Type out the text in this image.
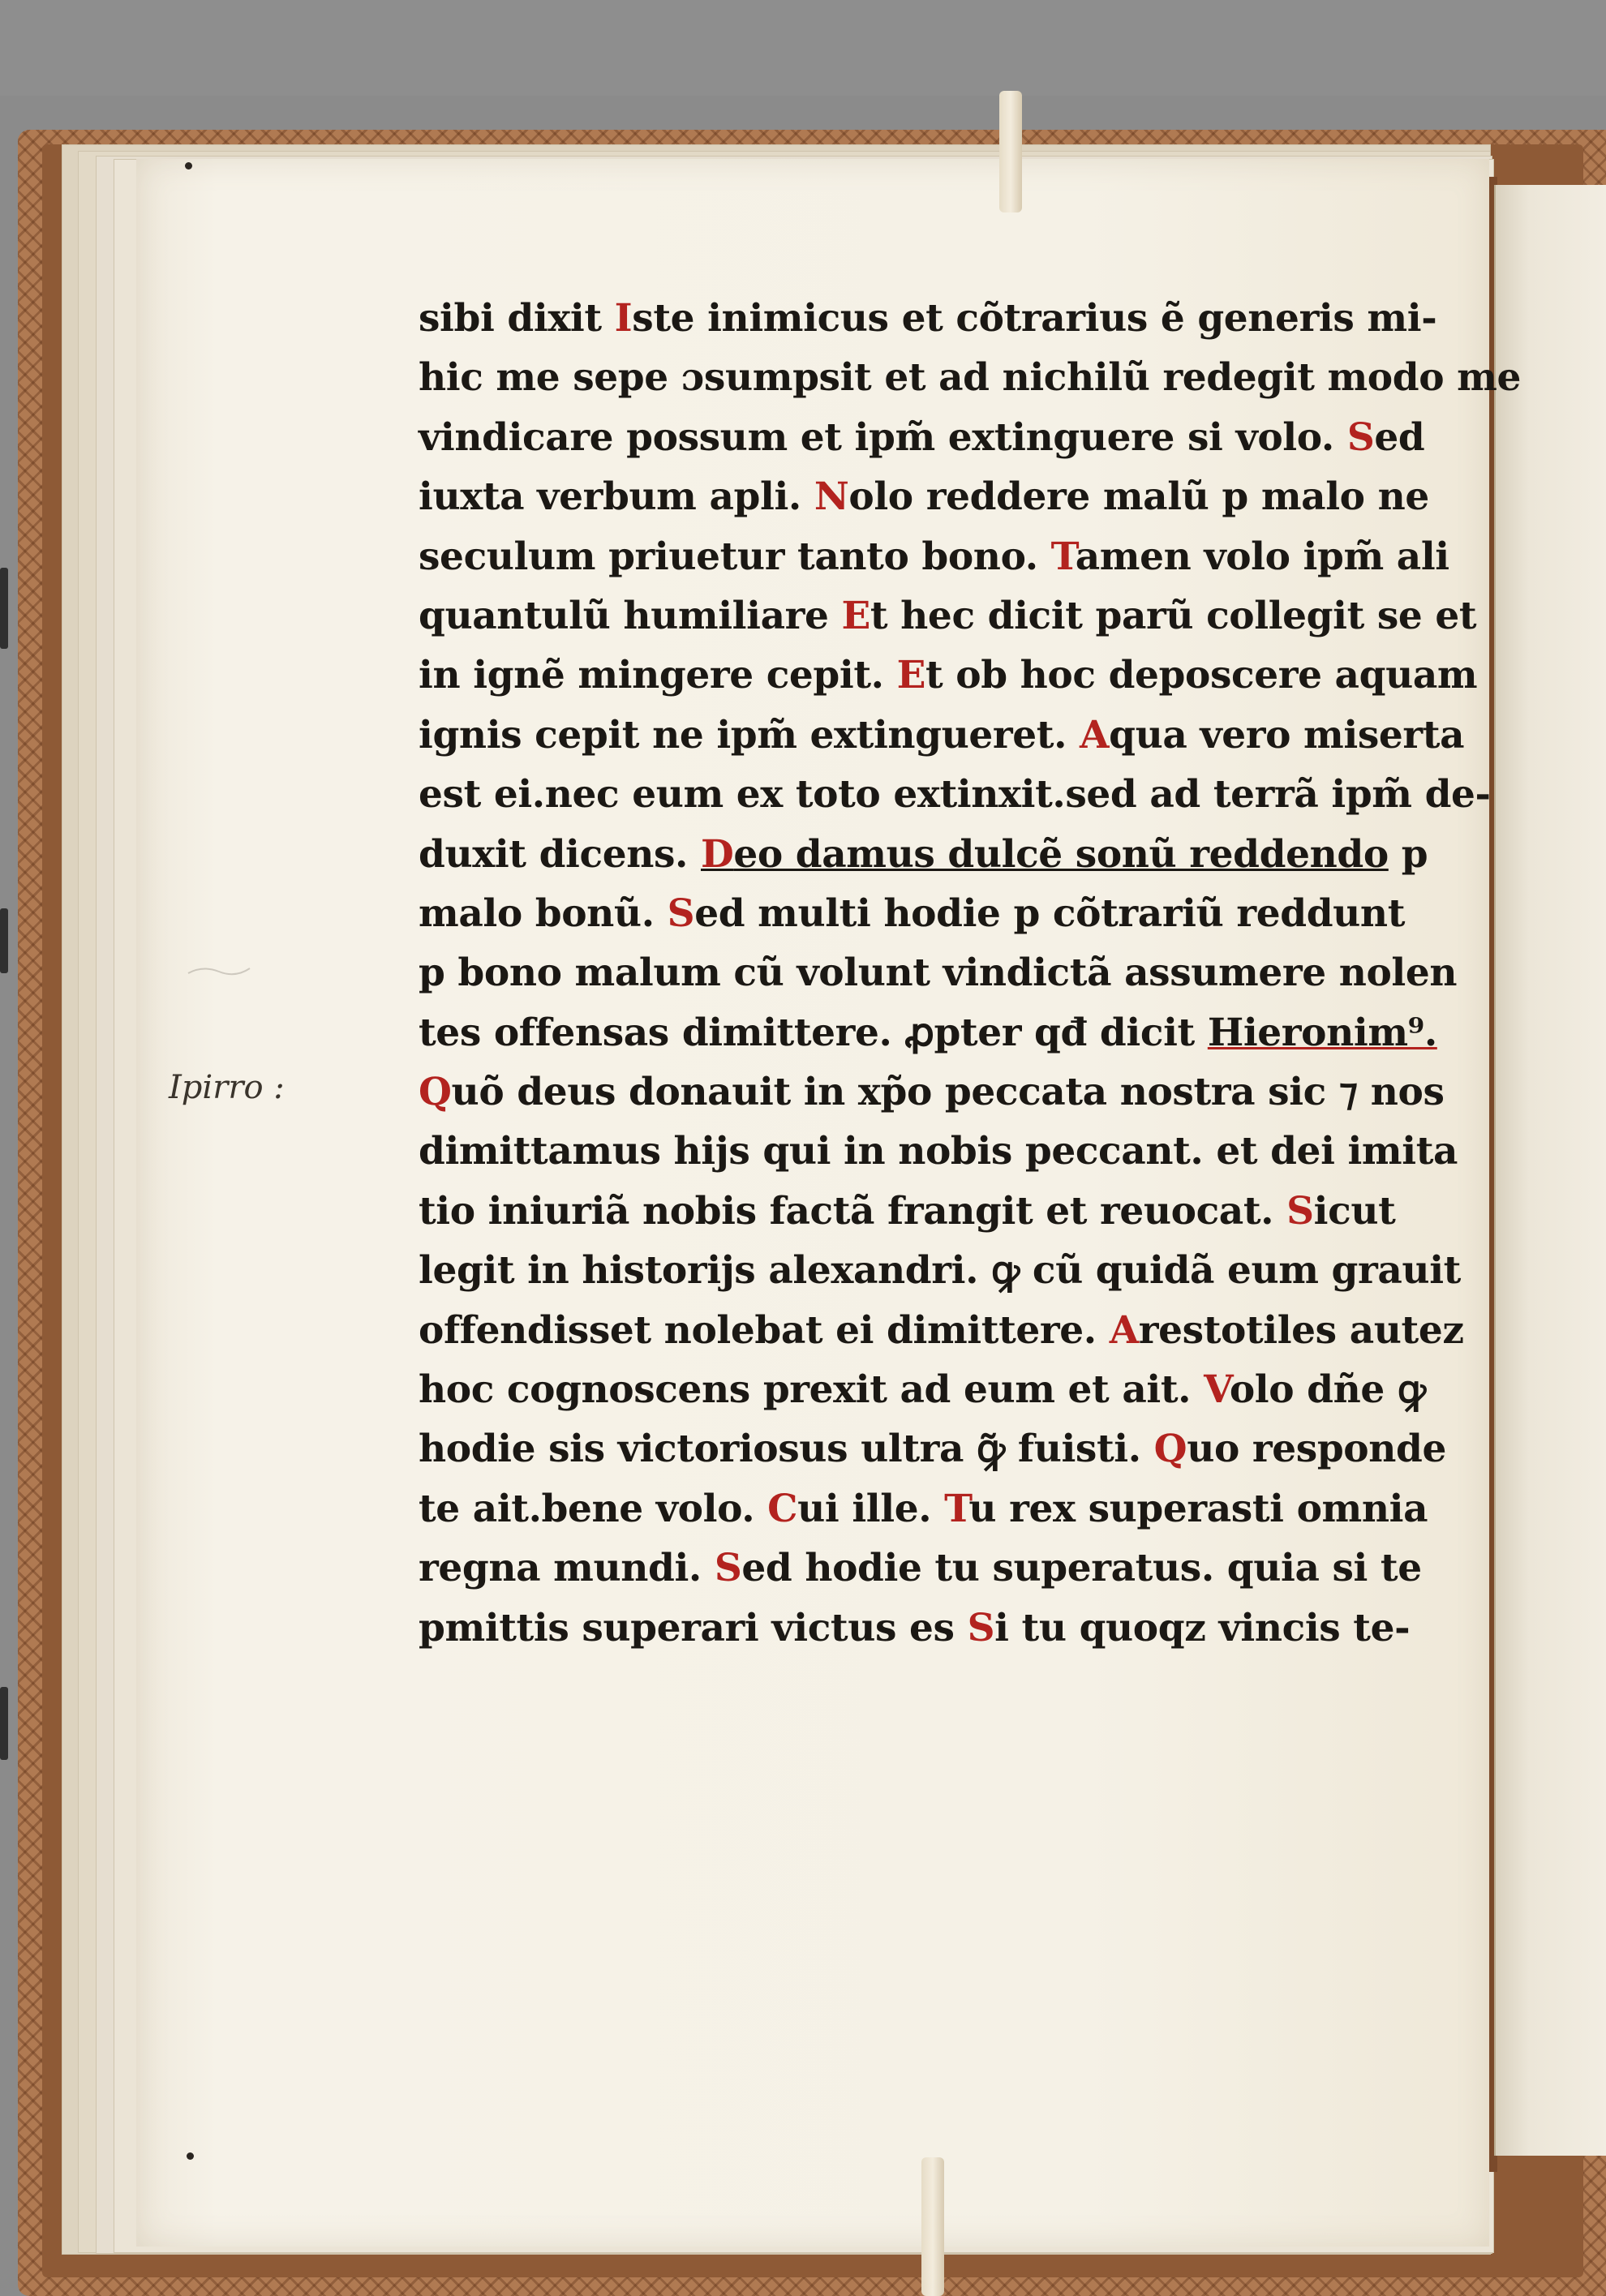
Ipirro :
sibi dixit Iste inimicus et cõtrarius ẽ generis mi-
hic me sepe ɔsumpsit et ad nichilũ redegit modo me
vindicare possum et ipm̃ extinguere si volo. Sed
iuxta verbum apli. Nolo reddere malũ p malo ne
seculum priuetur tanto bono. Tamen volo ipm̃ ali
quantulũ humiliare Et hec dicit parũ collegit se et
in ignẽ mingere cepit. Et ob hoc deposcere aquam
ignis cepit ne ipm̃ extingueret. Aqua vero miserta
est ei.nec eum ex toto extinxit.sed ad terrã ipm̃ de-
duxit dicens. Deo damus dulcẽ sonũ reddendo p
malo bonũ. Sed multi hodie p cõtrariũ reddunt
p bono malum cũ volunt vindictã assumere nolen
tes offensas dimittere. ꝓpter qđ dicit Hieronim⁹.
Quõ deus donauit in xp̃o peccata nostra sic ⁊ nos
dimittamus hijs qui in nobis peccant. et dei imita
tio iniuriã nobis factã frangit et reuocat. Sicut
legit in historijs alexandri. ꝙ cũ quidã eum grauit
offendisset nolebat ei dimittere. Arestotiles autez
hoc cognoscens prexit ad eum et ait. Volo dñe ꝙ
hodie sis victoriosus ultra ꝙ̃ fuisti. Quo responde
te ait.bene volo. Cui ille. Tu rex superasti omnia
regna mundi. Sed hodie tu superatus. quia si te
pmittis superari victus es Si tu quoqz vincis te-
